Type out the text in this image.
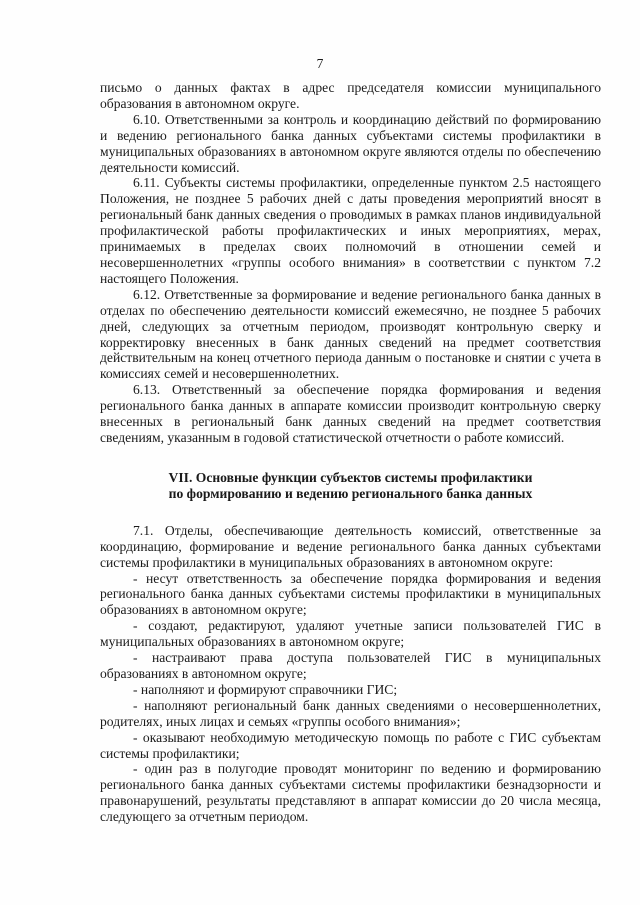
7

письмо о данных фактах в адрес председателя комиссии муниципального образования в автономном округе.

6.10. Ответственными за контроль и координацию действий по формированию и ведению регионального банка данных субъектами системы профилактики в муниципальных образованиях в автономном округе являются отделы по обеспечению деятельности комиссий.

6.11. Субъекты системы профилактики, определенные пунктом 2.5 настоящего Положения, не позднее 5 рабочих дней с даты проведения мероприятий вносят в региональный банк данных сведения о проводимых в рамках планов индивидуальной профилактической работы профилактических и иных мероприятиях, мерах, принимаемых в пределах своих полномочий в отношении семей и несовершеннолетних «группы особого внимания» в соответствии с пунктом 7.2 настоящего Положения.

6.12. Ответственные за формирование и ведение регионального банка данных в отделах по обеспечению деятельности комиссий ежемесячно, не позднее 5 рабочих дней, следующих за отчетным периодом, производят контрольную сверку и корректировку внесенных в банк данных сведений на предмет соответствия действительным на конец отчетного периода данным о постановке и снятии с учета в комиссиях семей и несовершеннолетних.

6.13. Ответственный за обеспечение порядка формирования и ведения регионального банка данных в аппарате комиссии производит контрольную сверку внесенных в региональный банк данных сведений на предмет соответствия сведениям, указанным в годовой статистической отчетности о работе комиссий.

VII. Основные функции субъектов системы профилактики
по формированию и ведению регионального банка данных

7.1. Отделы, обеспечивающие деятельность комиссий, ответственные за координацию, формирование и ведение регионального банка данных субъектами системы профилактики в муниципальных образованиях в автономном округе:

- несут ответственность за обеспечение порядка формирования и ведения регионального банка данных субъектами системы профилактики в муниципальных образованиях в автономном округе;

- создают, редактируют, удаляют учетные записи пользователей ГИС в муниципальных образованиях в автономном округе;

- настраивают права доступа пользователей ГИС в муниципальных образованиях в автономном округе;

- наполняют и формируют справочники ГИС;

- наполняют региональный банк данных сведениями о несовершеннолетних, родителях, иных лицах и семьях «группы особого внимания»;

- оказывают необходимую методическую помощь по работе с ГИС субъектам системы профилактики;

- один раз в полугодие проводят мониторинг по ведению и формированию регионального банка данных субъектами системы профилактики безнадзорности и правонарушений, результаты представляют в аппарат комиссии до 20 числа месяца, следующего за отчетным периодом.
